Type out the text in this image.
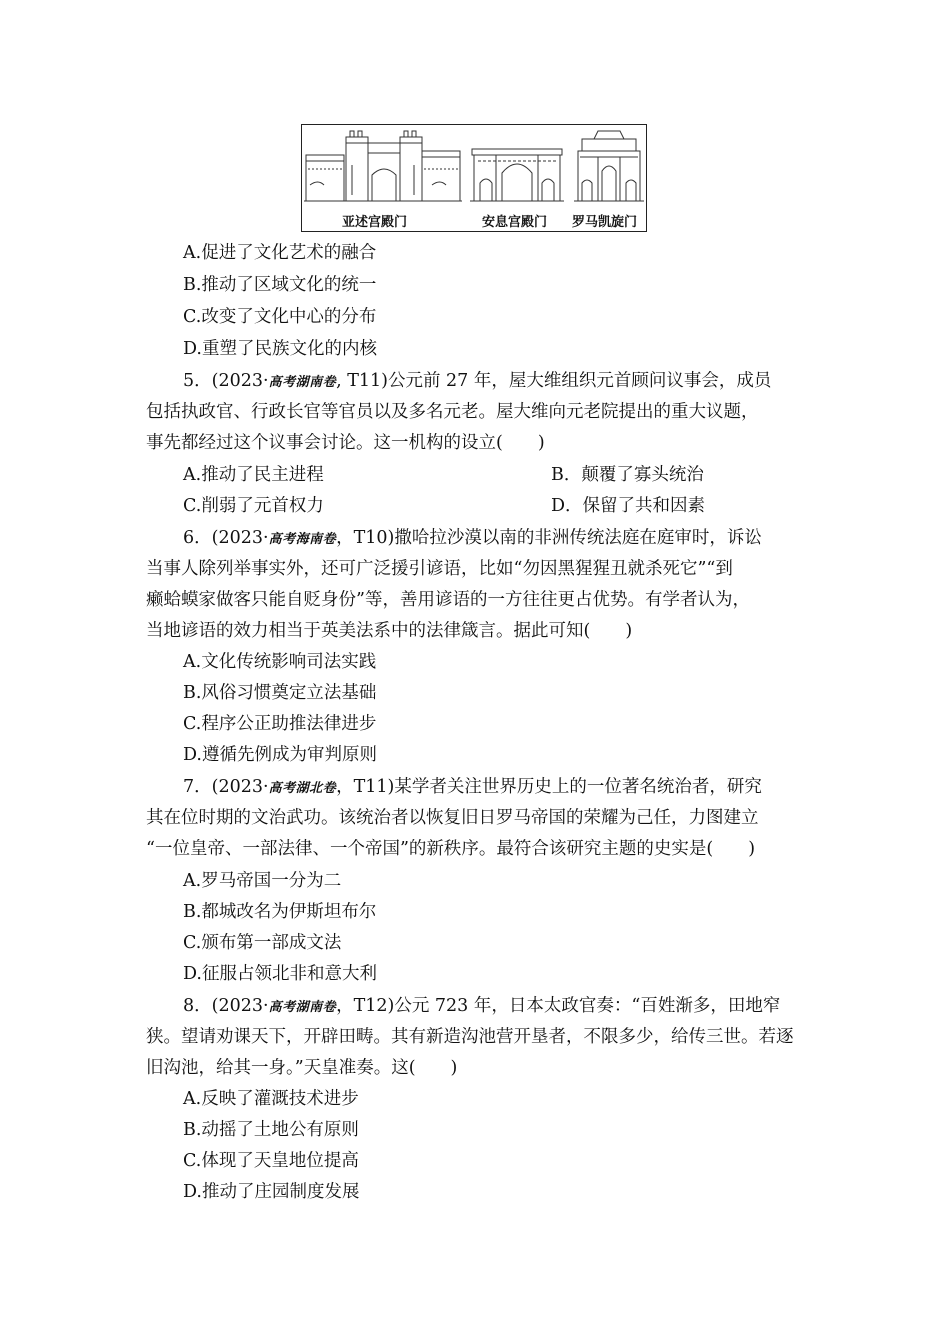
亚述宫殿门	安息宫殿门 罗马凯旋门
A.促进了文化艺术的融合
B.推动了区域文化的统一
C.改变了文化中心的分布
D.重塑了民族文化的内核
5．(2023·高考湖南卷, T11)公元前 27 年，屋大维组织元首顾问议事会，成员
包括执政官、行政长官等官员以及多名元老。屋大维向元老院提出的重大议题，
事先都经过这个议事会讨论。这一机构的设立(　　)
A.推动了民主进程	B．颠覆了寡头统治
C.削弱了元首权力	D．保留了共和因素
6．(2023·高考海南卷，T10)撒哈拉沙漠以南的非洲传统法庭在庭审时，诉讼
当事人除列举事实外，还可广泛援引谚语，比如“勿因黑猩猩丑就杀死它”“到
癞蛤蟆家做客只能自贬身份”等，善用谚语的一方往往更占优势。有学者认为，
当地谚语的效力相当于英美法系中的法律箴言。据此可知(　　)
A.文化传统影响司法实践
B.风俗习惯奠定立法基础
C.程序公正助推法律进步
D.遵循先例成为审判原则
7．(2023·高考湖北卷，T11)某学者关注世界历史上的一位著名统治者，研究
其在位时期的文治武功。该统治者以恢复旧日罗马帝国的荣耀为己任，力图建立
“一位皇帝、一部法律、一个帝国”的新秩序。最符合该研究主题的史实是(　　)
A.罗马帝国一分为二
B.都城改名为伊斯坦布尔
C.颁布第一部成文法
D.征服占领北非和意大利
8．(2023·高考湖南卷，T12)公元 723 年，日本太政官奏：“百姓渐多，田地窄
狭。望请劝课天下，开辟田畴。其有新造沟池营开垦者，不限多少，给传三世。若逐
旧沟池，给其一身。”天皇准奏。这(　　)
A.反映了灌溉技术进步
B.动摇了土地公有原则
C.体现了天皇地位提高
D.推动了庄园制度发展
